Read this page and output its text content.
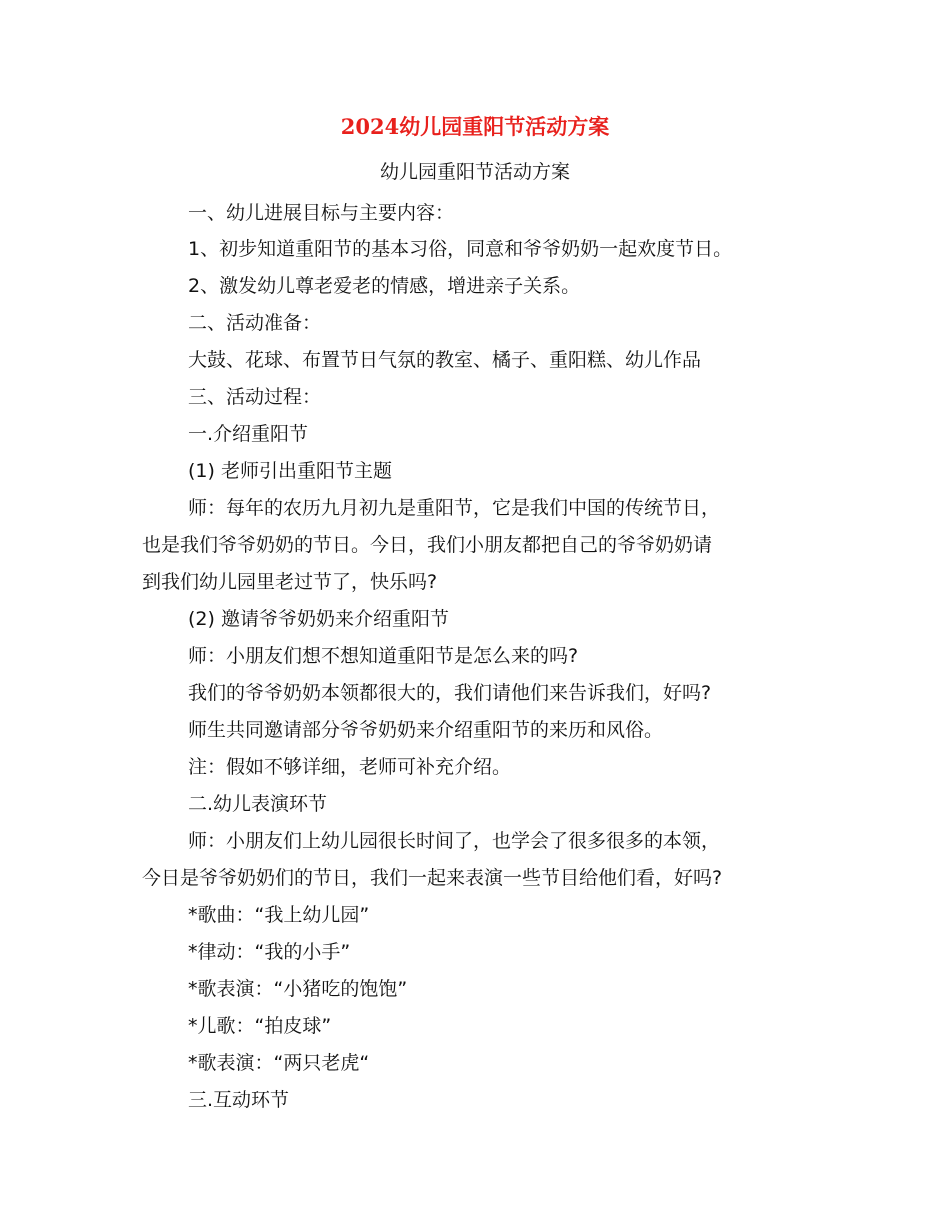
2024幼儿园重阳节活动方案

幼儿园重阳节活动方案

一、幼儿进展目标与主要内容：

1、初步知道重阳节的基本习俗，同意和爷爷奶奶一起欢度节日。

2、激发幼儿尊老爱老的情感，增进亲子关系。

二、活动准备：

大鼓、花球、布置节日气氛的教室、橘子、重阳糕、幼儿作品

三、活动过程：

一.介绍重阳节

(1) 老师引出重阳节主题

师：每年的农历九月初九是重阳节，它是我们中国的传统节日，

也是我们爷爷奶奶的节日。今日，我们小朋友都把自己的爷爷奶奶请

到我们幼儿园里老过节了，快乐吗?

(2) 邀请爷爷奶奶来介绍重阳节

师：小朋友们想不想知道重阳节是怎么来的吗?

我们的爷爷奶奶本领都很大的，我们请他们来告诉我们，好吗?

师生共同邀请部分爷爷奶奶来介绍重阳节的来历和风俗。

注：假如不够详细，老师可补充介绍。

二.幼儿表演环节

师：小朋友们上幼儿园很长时间了，也学会了很多很多的本领，

今日是爷爷奶奶们的节日，我们一起来表演一些节目给他们看，好吗?

*歌曲：“我上幼儿园”

*律动：“我的小手”

*歌表演：“小猪吃的饱饱”

*儿歌：“拍皮球”

*歌表演：“两只老虎“

三.互动环节
